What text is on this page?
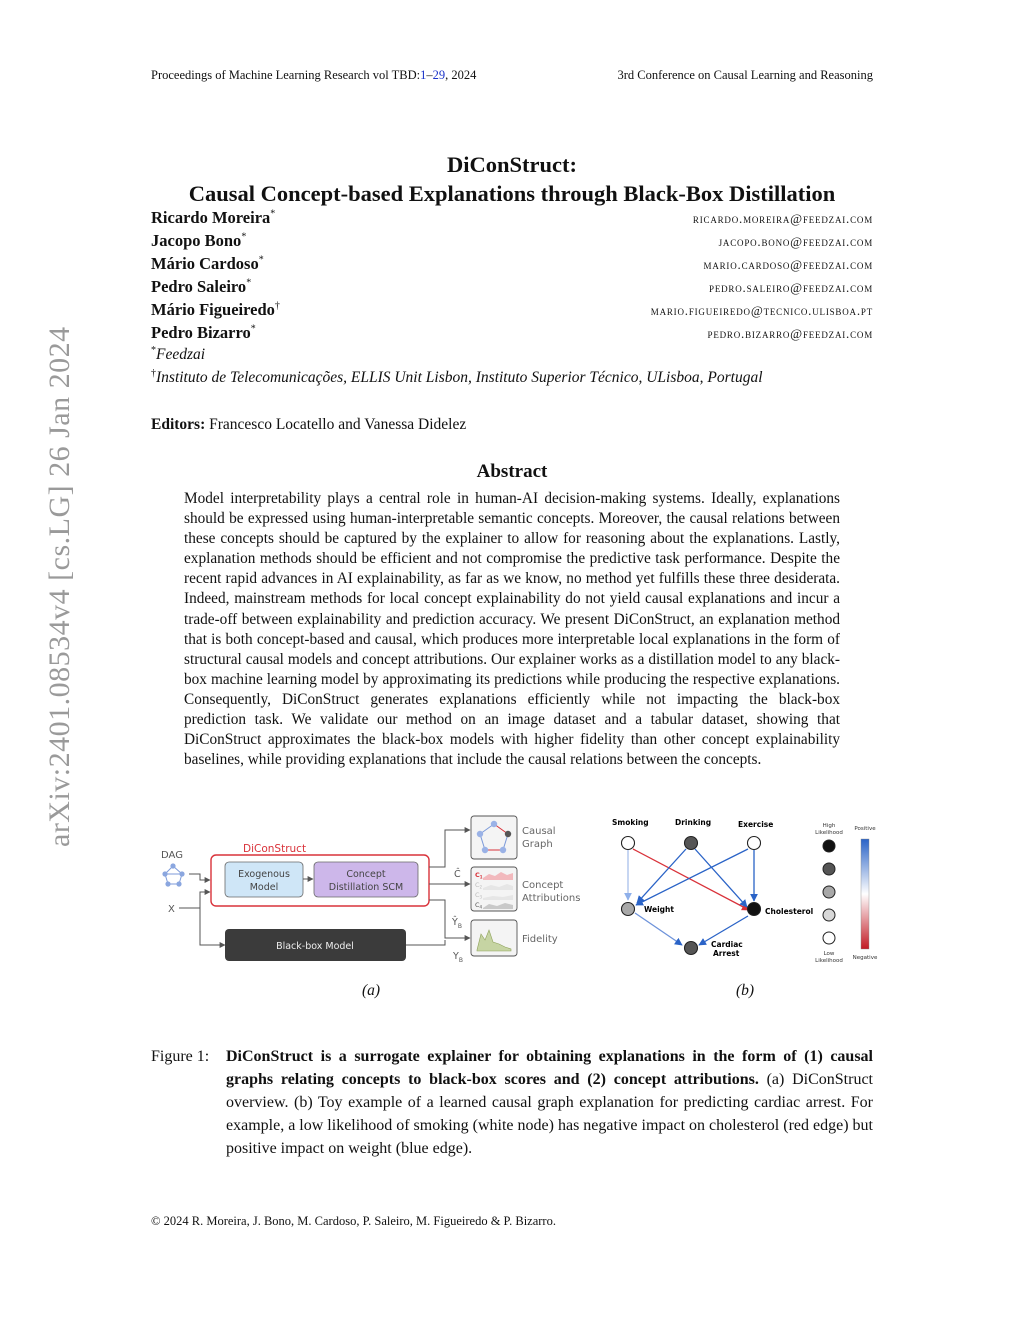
Proceedings of Machine Learning Research vol TBD:1–29, 2024	3rd Conference on Causal Learning and Reasoning
arXiv:2401.08534v4 [cs.LG] 26 Jan 2024
DiConStruct:
Causal Concept-based Explanations through Black-Box Distillation
Ricardo Moreira*	ricardo.moreira@feedzai.com
Jacopo Bono*	jacopo.bono@feedzai.com
Mário Cardoso*	mario.cardoso@feedzai.com
Pedro Saleiro*	pedro.saleiro@feedzai.com
Mário Figueiredo†	mario.figueiredo@tecnico.ulisboa.pt
Pedro Bizarro*	pedro.bizarro@feedzai.com
*Feedzai
†Instituto de Telecomunicações, ELLIS Unit Lisbon, Instituto Superior Técnico, ULisboa, Portugal
Editors: Francesco Locatello and Vanessa Didelez
Abstract
Model interpretability plays a central role in human-AI decision-making systems. Ideally, explanations should be expressed using human-interpretable semantic concepts. Moreover, the causal relations between these concepts should be captured by the explainer to allow for reasoning about the explanations. Lastly, explanation methods should be efficient and not compromise the predictive task performance. Despite the recent rapid advances in AI explainability, as far as we know, no method yet fulfills these three desiderata. Indeed, mainstream methods for local concept explainability do not yield causal explanations and incur a trade-off between explainability and prediction accuracy. We present DiConStruct, an explanation method that is both concept-based and causal, which produces more interpretable local explanations in the form of structural causal models and concept attributions. Our explainer works as a distillation model to any black-box machine learning model by approximating its predictions while producing the respective explanations. Consequently, DiConStruct generates explanations efficiently while not impacting the black-box prediction task. We validate our method on an image dataset and a tabular dataset, showing that DiConStruct approximates the black-box models with higher fidelity than other concept explainability baselines, while providing explanations that include the causal relations between the concepts.
DAG
X
DiConStruct
Exogenous
Model
Concept
Distillation SCM
Black-box Model
Ĉ
$Ŷ_B$
$Y_B$
Causal
Graph
$C_1$
$C_2$
$C_3$
$C_4$
Concept
Attributions
Fidelity
(a)
Smoking	Drinking	Exercise
Weight	Cholesterol
Cardiac
Arrest
High
Likelihood
Low
Likelihood
Positive
Negative
(b)
Figure 1: DiConStruct is a surrogate explainer for obtaining explanations in the form of (1) causal graphs relating concepts to black-box scores and (2) concept attributions. (a) DiConStruct overview. (b) Toy example of a learned causal graph explanation for predicting cardiac arrest. For example, a low likelihood of smoking (white node) has negative impact on cholesterol (red edge) but positive impact on weight (blue edge).
© 2024 R. Moreira, J. Bono, M. Cardoso, P. Saleiro, M. Figueiredo & P. Bizarro.
